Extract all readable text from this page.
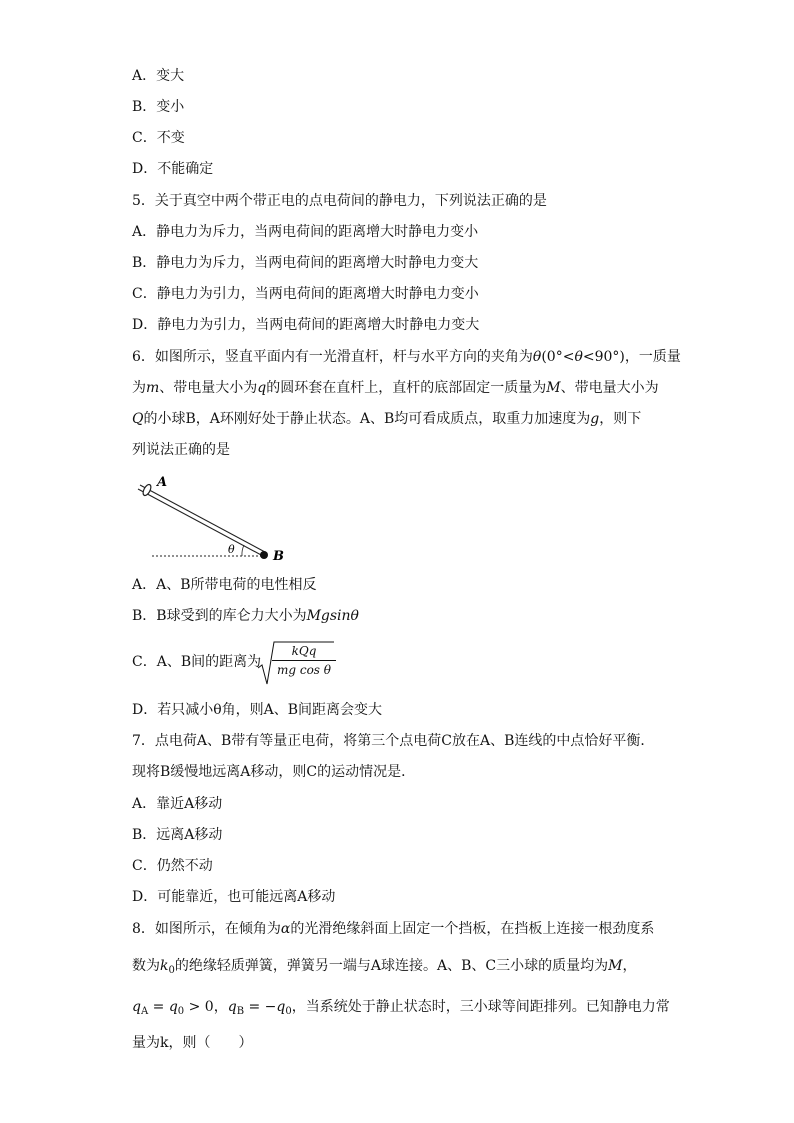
A．变大
B．变小
C．不变
D．不能确定
5．关于真空中两个带正电的点电荷间的静电力，下列说法正确的是
A．静电力为斥力，当两电荷间的距离增大时静电力变小
B．静电力为斥力，当两电荷间的距离增大时静电力变大
C．静电力为引力，当两电荷间的距离增大时静电力变小
D．静电力为引力，当两电荷间的距离增大时静电力变大
6．如图所示，竖直平面内有一光滑直杆，杆与水平方向的夹角为θ(0°<θ<90°)，一质量
为m、带电量大小为q的圆环套在直杆上，直杆的底部固定一质量为M、带电量大小为
Q的小球B，A环刚好处于静止状态。A、B均可看成质点，取重力加速度为g，则下
列说法正确的是
A
B
θ
A．A、B所带电荷的电性相反
B．B球受到的库仑力大小为Mgsinθ
C．A、B间的距离为
kQq
mg cos θ
D．若只减小θ角，则A、B间距离会变大
7．点电荷A、B带有等量正电荷，将第三个点电荷C放在A、B连线的中点恰好平衡．
现将B缓慢地远离A移动，则C的运动情况是．
A．靠近A移动
B．远离A移动
C．仍然不动
D．可能靠近，也可能远离A移动
8．如图所示，在倾角为α的光滑绝缘斜面上固定一个挡板，在挡板上连接一根劲度系
数为$k_0$的绝缘轻质弹簧，弹簧另一端与A球连接。A、B、C三小球的质量均为M，
$q_A = q_0 > 0$，$q_B = -q_0$，当系统处于静止状态时，三小球等间距排列。已知静电力常
量为k，则（　　）
